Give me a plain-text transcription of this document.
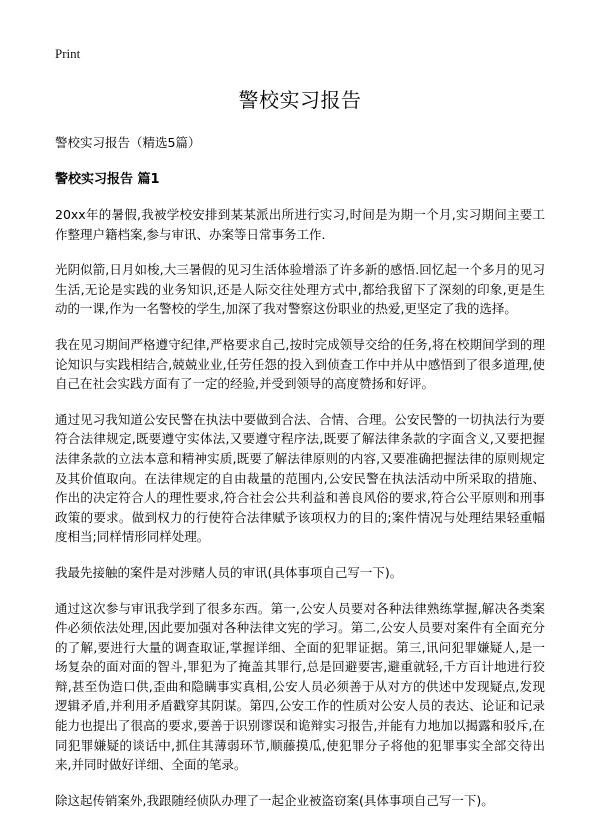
Print
警校实习报告

警校实习报告（精选5篇）

警校实习报告 篇1

20xx年的暑假,我被学校安排到某某派出所进行实习,时间是为期一个月,实习期间主要工作整理户籍档案,参与审讯、办案等日常事务工作.

光阴似箭,日月如梭,大三暑假的见习生活体验增添了许多新的感悟.回忆起一个多月的见习生活,无论是实践的业务知识,还是人际交往处理方式中,都给我留下了深刻的印象,更是生动的一课,作为一名警校的学生,加深了我对警察这份职业的热爱,更坚定了我的选择。

我在见习期间严格遵守纪律,严格要求自己,按时完成领导交给的任务,将在校期间学到的理论知识与实践相结合,兢兢业业,任劳任怨的投入到侦查工作中并从中感悟到了很多道理,使自己在社会实践方面有了一定的经验,并受到领导的高度赞扬和好评。

通过见习我知道公安民警在执法中要做到合法、合情、合理。公安民警的一切执法行为要符合法律规定,既要遵守实体法,又要遵守程序法,既要了解法律条款的字面含义,又要把握法律条款的立法本意和精神实质,既要了解法律原则的内容,又要准确把握法律的原则规定及其价值取向。在法律规定的自由裁量的范围内,公安民警在执法活动中所采取的措施、作出的决定符合人的理性要求,符合社会公共利益和善良风俗的要求,符合公平原则和刑事政策的要求。做到权力的行使符合法律赋予该项权力的目的;案件情况与处理结果轻重幅度相当;同样情形同样处理。

我最先接触的案件是对涉赌人员的审讯(具体事项自己写一下)。

通过这次参与审讯我学到了很多东西。第一,公安人员要对各种法律熟练掌握,解决各类案件必须依法处理,因此要加强对各种法律文宪的学习。第二,公安人员要对案件有全面充分的了解,要进行大量的调查取证,掌握详细、全面的犯罪证据。第三,讯问犯罪嫌疑人,是一场复杂的面对面的智斗,罪犯为了掩盖其罪行,总是回避要害,避重就轻,千方百计地进行狡辩,甚至伪造口供,歪曲和隐瞒事实真相,公安人员必须善于从对方的供述中发现疑点,发现逻辑矛盾,并利用矛盾戳穿其阴谋。第四,公安工作的性质对公安人员的表达、论证和记录能力也提出了很高的要求,要善于识别谬误和诡辩实习报告,并能有力地加以揭露和驳斥,在同犯罪嫌疑的谈话中,抓住其薄弱环节,顺藤摸瓜,使犯罪分子将他的犯罪事实全部交待出来,并同时做好详细、全面的笔录。

除这起传销案外,我跟随经侦队办理了一起企业被盗窃案(具体事项自己写一下)。
